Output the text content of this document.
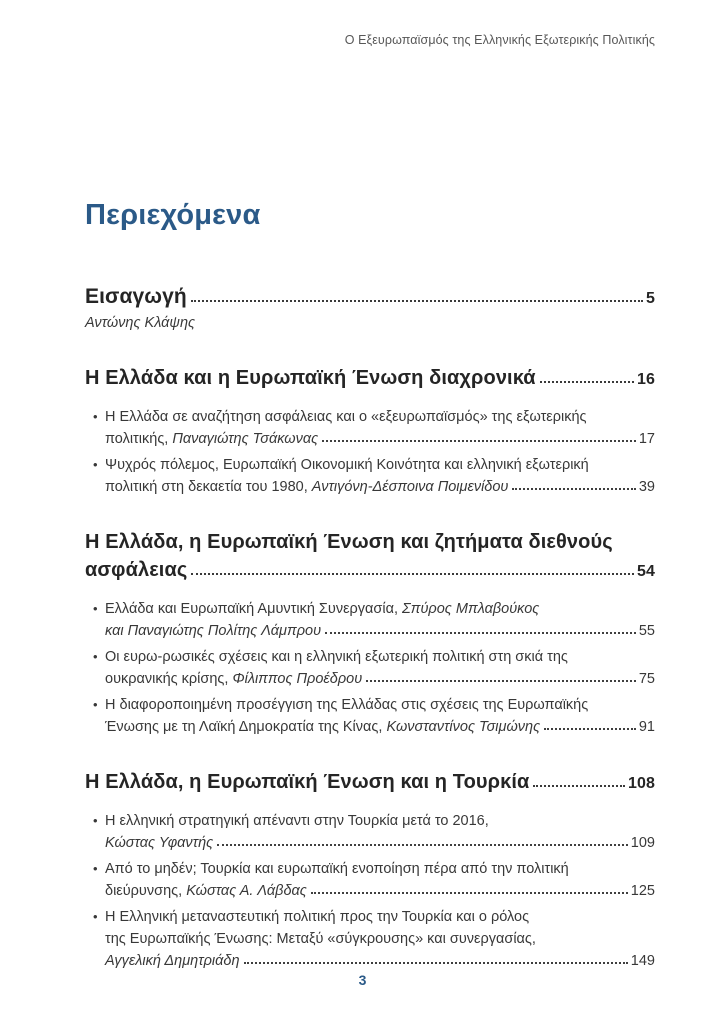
Ο Εξευρωπαϊσμός της Ελληνικής Εξωτερικής Πολιτικής
Περιεχόμενα
Εισαγωγή	5
Αντώνης Κλάψης
Η Ελλάδα και η Ευρωπαϊκή Ένωση διαχρονικά	16
• Η Ελλάδα σε αναζήτηση ασφάλειας και ο «εξευρωπαϊσμός» της εξωτερικής
πολιτικής, Παναγιώτης Τσάκωνας	17
• Ψυχρός πόλεμος, Ευρωπαϊκή Οικονομική Κοινότητα και ελληνική εξωτερική
πολιτική στη δεκαετία του 1980, Αντιγόνη-Δέσποινα Ποιμενίδου	39
Η Ελλάδα, η Ευρωπαϊκή Ένωση και ζητήματα διεθνούς
ασφάλειας	54
• Ελλάδα και Ευρωπαϊκή Αμυντική Συνεργασία, Σπύρος Μπλαβούκος
και Παναγιώτης Πολίτης Λάμπρου	55
• Οι ευρω-ρωσικές σχέσεις και η ελληνική εξωτερική πολιτική στη σκιά της
ουκρανικής κρίσης, Φίλιππος Προέδρου	75
• Η διαφοροποιημένη προσέγγιση της Ελλάδας στις σχέσεις της Ευρωπαϊκής
Ένωσης με τη Λαϊκή Δημοκρατία της Κίνας, Κωνσταντίνος Τσιμώνης	91
Η Ελλάδα, η Ευρωπαϊκή Ένωση και η Τουρκία	108
• Η ελληνική στρατηγική απέναντι στην Τουρκία μετά το 2016,
Κώστας Υφαντής	109
• Από το μηδέν; Τουρκία και ευρωπαϊκή ενοποίηση πέρα από την πολιτική
διεύρυνσης, Κώστας Α. Λάβδας	125
• Η Ελληνική μεταναστευτική πολιτική προς την Τουρκία και ο ρόλος
της Ευρωπαϊκής Ένωσης: Μεταξύ «σύγκρουσης» και συνεργασίας,
Αγγελική Δημητριάδη	149
3
